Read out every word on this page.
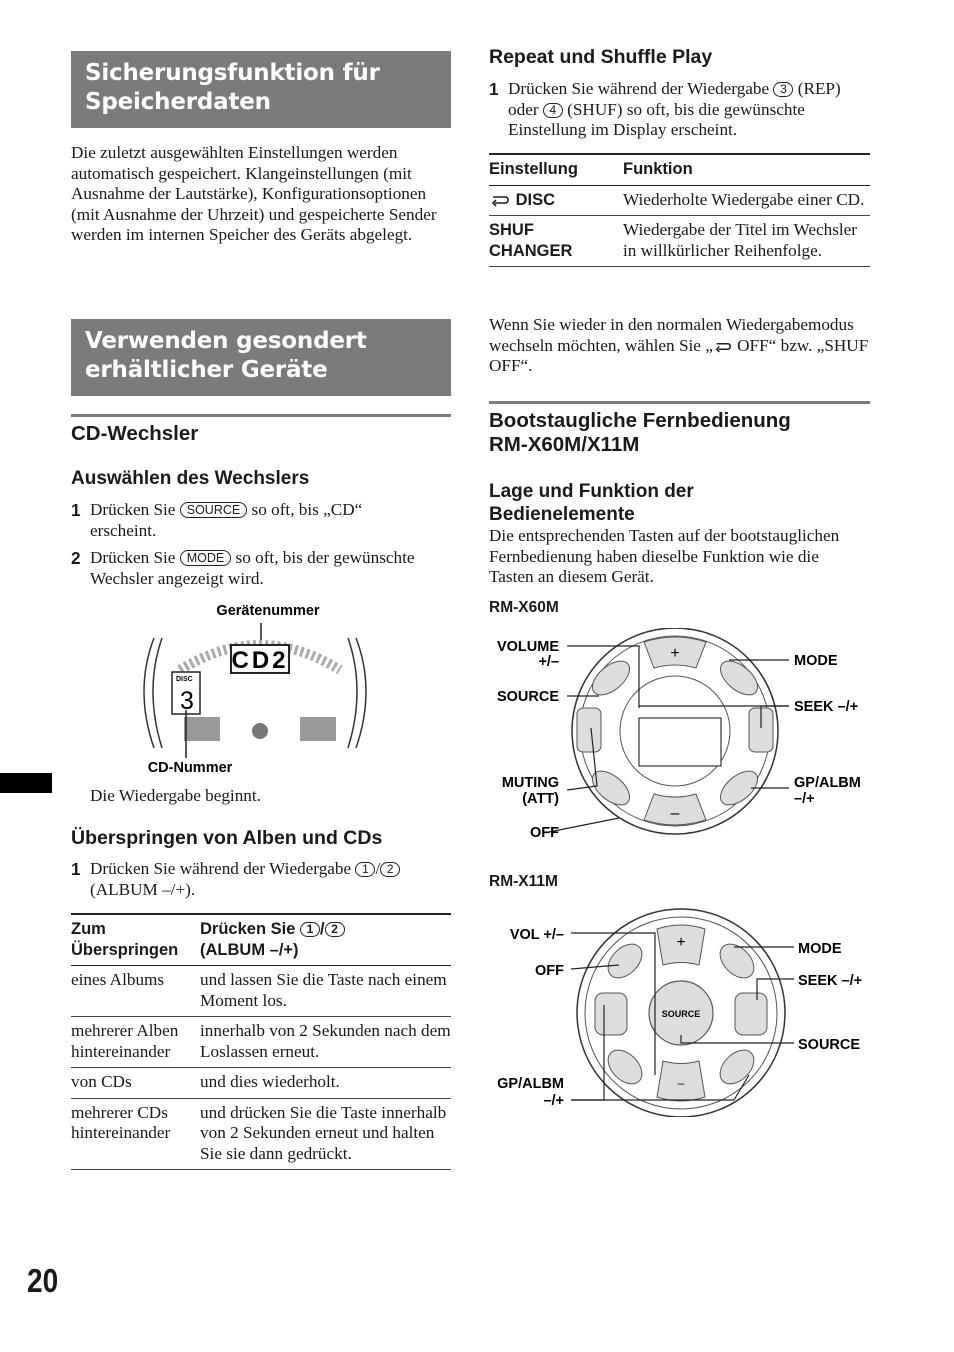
Sicherungsfunktion für
Speicherdaten
Die zuletzt ausgewählten Einstellungen werden automatisch gespeichert. Klangeinstellungen (mit Ausnahme der Lautstärke), Konfigurationsoptionen (mit Ausnahme der Uhrzeit) und gespeicherte Sender werden im internen Speicher des Geräts abgelegt.
Verwenden gesondert
erhältlicher Geräte
CD-Wechsler
Auswählen des Wechslers
1 Drücken Sie SOURCE so oft, bis „CD“ erscheint.
2 Drücken Sie MODE so oft, bis der gewünschte Wechsler angezeigt wird.
Gerätenummer
CD2
DISC
3
CD-Nummer
Die Wiedergabe beginnt.
Überspringen von Alben und CDs
1 Drücken Sie während der Wiedergabe 1 / 2 (ALBUM –/+).
Zum
Überspringen	Drücken Sie 1 / 2
(ALBUM –/+)
eines Albums	und lassen Sie die Taste nach einem Moment los.
mehrerer Alben hintereinander	innerhalb von 2 Sekunden nach dem Loslassen erneut.
von CDs	und dies wiederholt.
mehrerer CDs hintereinander	und drücken Sie die Taste innerhalb von 2 Sekunden erneut und halten Sie sie dann gedrückt.
Repeat und Shuffle Play
1 Drücken Sie während der Wiedergabe 3 (REP) oder 4 (SHUF) so oft, bis die gewünschte Einstellung im Display erscheint.
Einstellung	Funktion
DISC	Wiederholte Wiedergabe einer CD.
SHUF
CHANGER	Wiedergabe der Titel im Wechsler in willkürlicher Reihenfolge.
Wenn Sie wieder in den normalen Wiedergabemodus wechseln möchten, wählen Sie „ OFF“ bzw. „SHUF OFF“.
Bootstaugliche Fernbedienung
RM-X60M/X11M
Lage und Funktion der
Bedienelemente
Die entsprechenden Tasten auf der bootstauglichen Fernbedienung haben dieselbe Funktion wie die Tasten an diesem Gerät.
RM-X60M
+
–
VOLUME
+/–
SOURCE
MUTING
(ATT)
OFF
MODE
SEEK –/+
GP/ALBM
–/+
RM-X11M
SOURCE
+
–
VOL +/–
OFF
GP/ALBM
–/+
MODE
SEEK –/+
SOURCE
20
